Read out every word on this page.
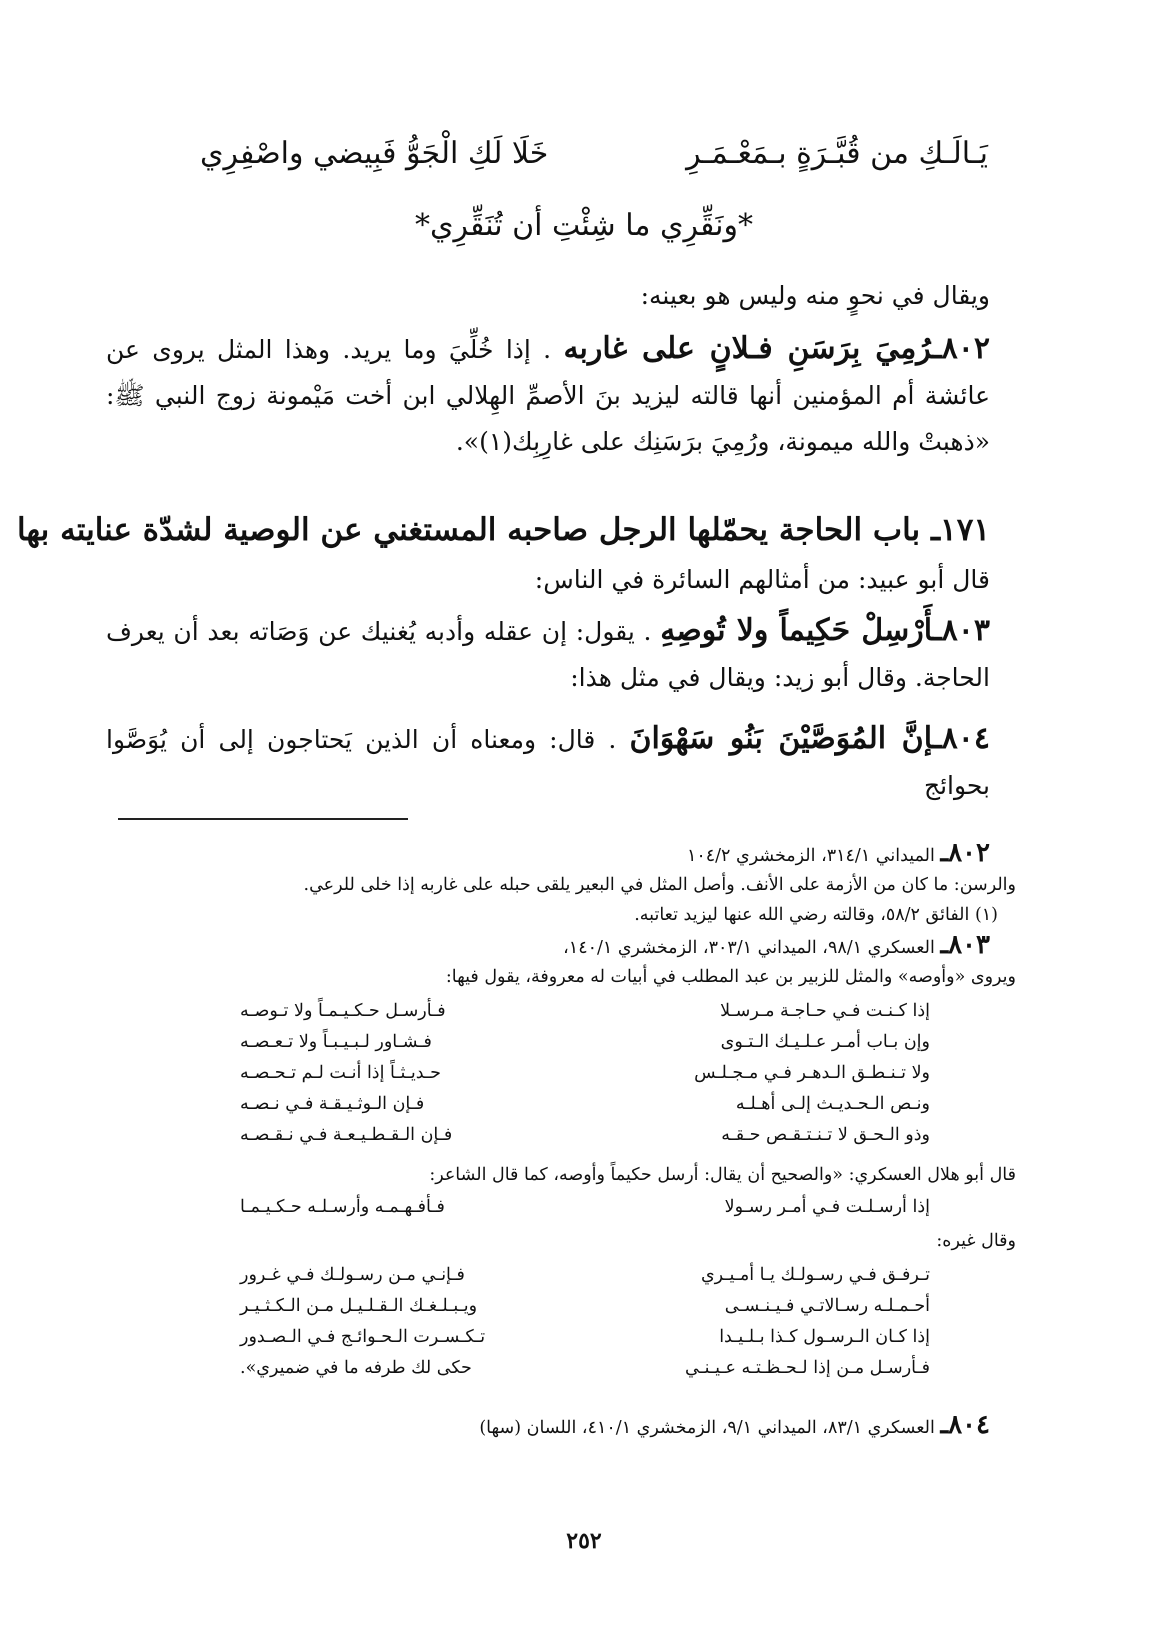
يَـالَـكِ من قُبَّـرَةٍ بـمَعْـمَـرِ
خَلَا لَكِ الْجَوُّ فَبِيضي واصْفِرِي
*ونَقِّرِي ما شِئْتِ أن تُنَقِّرِي*
ويقال في نحوٍ منه وليس هو بعينه:
٨٠٢ـرُمِيَ بِرَسَنِ فـلانٍ على غاربه . إذا خُلِّيَ وما يريد. وهذا المثل يروى عن عائشة أم المؤمنين أنها قالته ليزيد بنَ الأصمِّ الهِلالي ابن أخت مَيْمونة زوج النبي ﷺ: «ذهبتْ والله ميمونة، ورُمِيَ برَسَنِك على غارِبِك(١)».
١٧١ـ باب الحاجة يحمّلها الرجل صاحبه المستغني عن الوصية لشدّة عنايته بها
قال أبو عبيد: من أمثالهم السائرة في الناس:
٨٠٣ـأَرْسِلْ حَكِيماً ولا تُوصِهِ . يقول: إن عقله وأدبه يُغنيك عن وَصَاته بعد أن يعرف الحاجة. وقال أبو زيد: ويقال في مثل هذا:
٨٠٤ـإنَّ المُوَصَّيْنَ بَنُو سَهْوَانَ . قال: ومعناه أن الذين يَحتاجون إلى أن يُوَصَّوا بحوائج
٨٠٢ـ الميداني ٣١٤/١، الزمخشري ١٠٤/٢
والرسن: ما كان من الأزمة على الأنف. وأصل المثل في البعير يلقى حبله على غاربه إذا خلى للرعي.
(١) الفائق ٥٨/٢، وقالته رضي الله عنها ليزيد تعاتبه.
٨٠٣ـ العسكري ٩٨/١، الميداني ٣٠٣/١، الزمخشري ١٤٠/١،
ويروى «وأوصه» والمثل للزبير بن عبد المطلب في أبيات له معروفة، يقول فيها:
إذا كـنـت فـي حـاجـة مـرسـلا
فـأرسـل حـكـيـمـاً ولا تـوصـه
وإن بـاب أمـر عـلـيـك الـتـوى
فـشـاور لـبـيـبـاً ولا تـعـصـه
ولا تـنـطـق الـدهـر فـي مـجـلـس
حـديـثـاً إذا أنـت لـم تـحـصـه
ونـص الـحـديـث إلـى أهـلـه
فـإن الـوثـيـقـة فـي نـصـه
وذو الـحـق لا تـنـتـقـص حـقـه
فـإن الـقـطـيـعـة فـي نـقـصـه
قال أبو هلال العسكري: «والصحيح أن يقال: أرسل حكيماً وأوصه، كما قال الشاعر:
إذا أرسـلـت فـي أمـر رسـولا
فـأفـهـمـه وأرسـلـه حـكـيـمـا
وقال غيره:
تـرفـق فـي رسـولـك يـا أمـيـري
فـإنـي مـن رسـولـك فـي غـرور
أحـمـلـه رسـالاتـي فـيـنـسـى
ويـبـلـغـك الـقـلـيـل مـن الـكـثـيـر
إذا كـان الـرسـول كـذا بـلـيـدا
تـكـسـرت الـحـوائـج فـي الـصـدور
فـأرسـل مـن إذا لـحـظـتـه عـيـنـي
حكى لك طرفه ما في ضميري».
٨٠٤ـ العسكري ٨٣/١، الميداني ٩/١، الزمخشري ٤١٠/١، اللسان (سها)
٢٥٢
